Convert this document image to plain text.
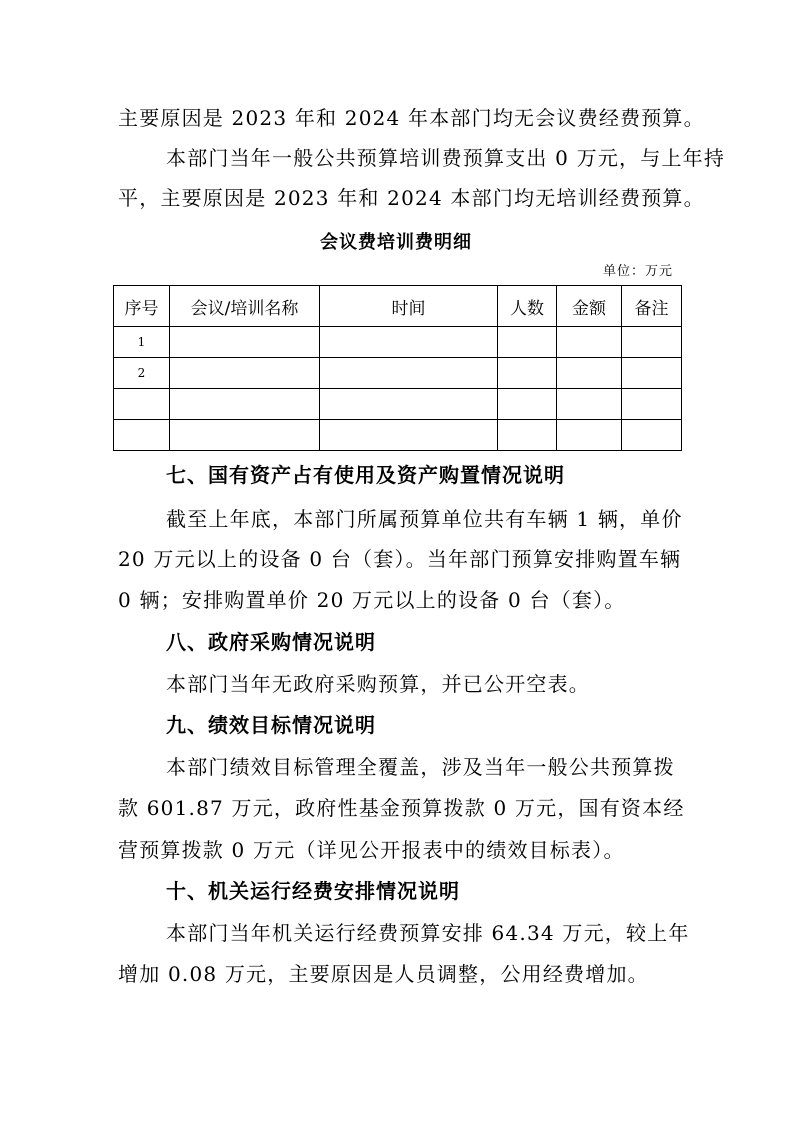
主要原因是 2023 年和 2024 年本部门均无会议费经费预算。
本部门当年一般公共预算培训费预算支出 0 万元，与上年持
平，主要原因是 2023 年和 2024 本部门均无培训经费预算。
会议费培训费明细
单位：万元
序号	会议/培训名称	时间	人数	金额	备注
1					
2					

七、国有资产占有使用及资产购置情况说明
截至上年底，本部门所属预算单位共有车辆 1 辆，单价
20 万元以上的设备 0 台（套）。当年部门预算安排购置车辆
0 辆；安排购置单价 20 万元以上的设备 0 台（套）。
八、政府采购情况说明
本部门当年无政府采购预算，并已公开空表。
九、绩效目标情况说明
本部门绩效目标管理全覆盖，涉及当年一般公共预算拨
款 601.87 万元，政府性基金预算拨款 0 万元，国有资本经
营预算拨款 0 万元（详见公开报表中的绩效目标表）。
十、机关运行经费安排情况说明
本部门当年机关运行经费预算安排 64.34 万元，较上年
增加 0.08 万元，主要原因是人员调整，公用经费增加。
